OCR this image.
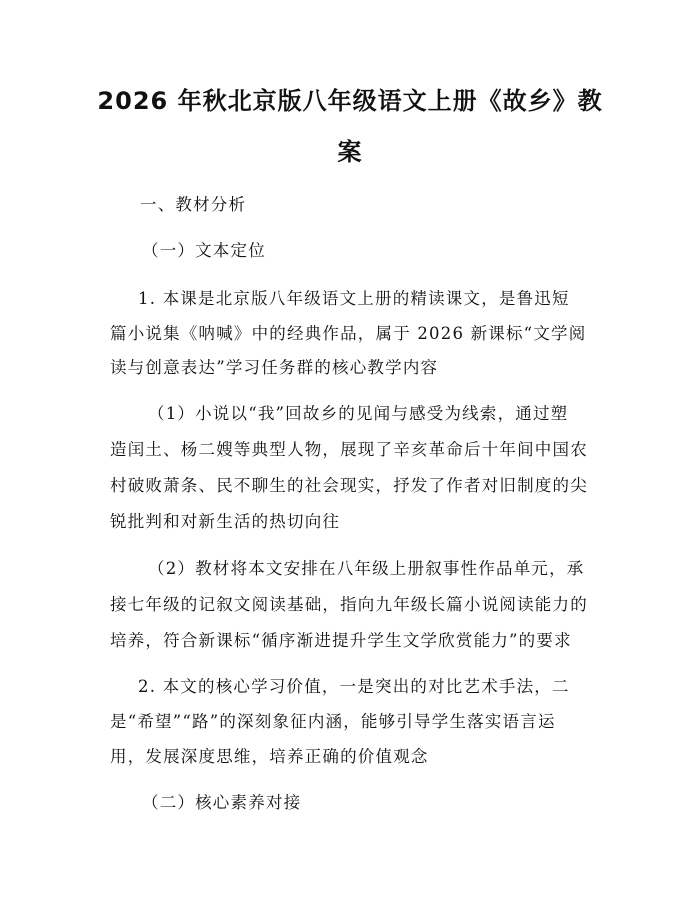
2026 年秋北京版八年级语文上册《故乡》教
案
一、教材分析
（一）文本定位
1. 本课是北京版八年级语文上册的精读课文，是鲁迅短
篇小说集《呐喊》中的经典作品，属于 2026 新课标“文学阅
读与创意表达”学习任务群的核心教学内容
（1）小说以“我”回故乡的见闻与感受为线索，通过塑
造闰土、杨二嫂等典型人物，展现了辛亥革命后十年间中国农
村破败萧条、民不聊生的社会现实，抒发了作者对旧制度的尖
锐批判和对新生活的热切向往
（2）教材将本文安排在八年级上册叙事性作品单元，承
接七年级的记叙文阅读基础，指向九年级长篇小说阅读能力的
培养，符合新课标“循序渐进提升学生文学欣赏能力”的要求
2. 本文的核心学习价值，一是突出的对比艺术手法，二
是“希望”“路”的深刻象征内涵，能够引导学生落实语言运
用，发展深度思维，培养正确的价值观念
（二）核心素养对接
